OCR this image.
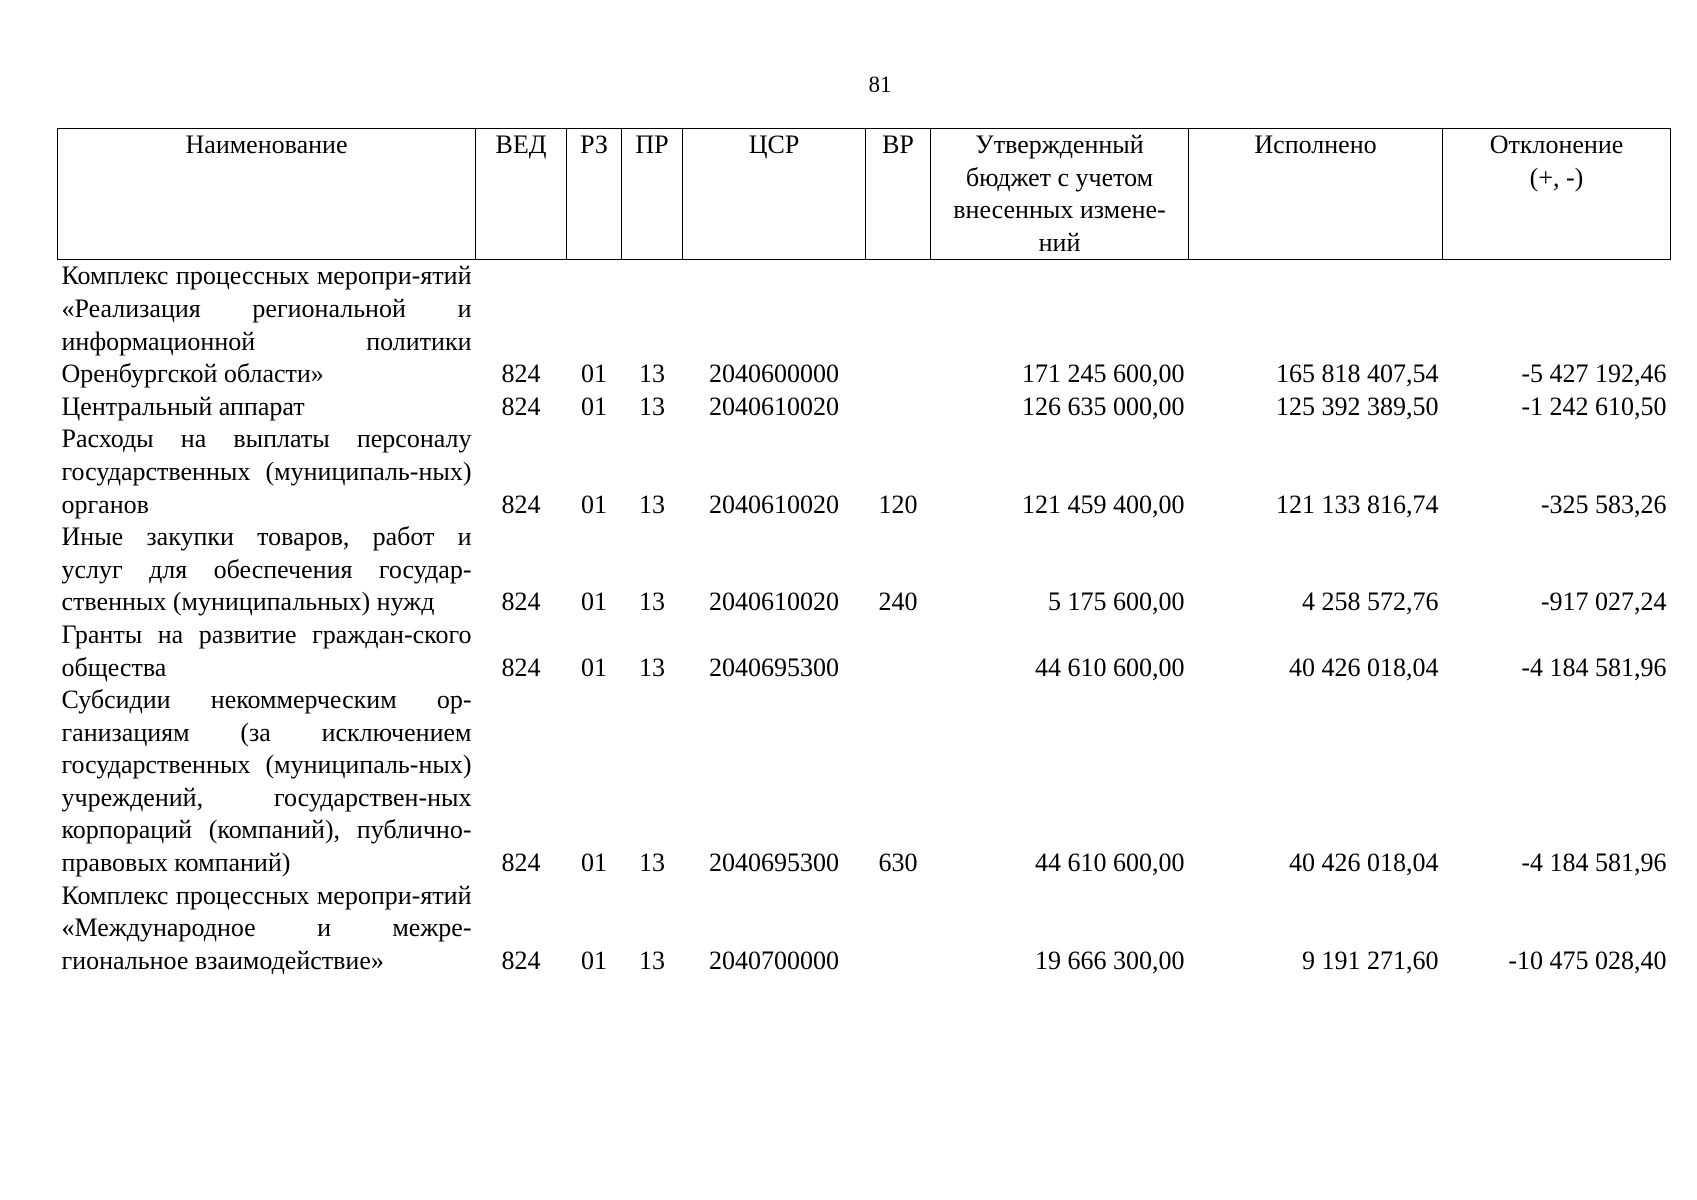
81
Наименование	ВЕД	РЗ	ПР	ЦСР	ВР	Утвержденный бюджет с учетом внесенных измене-ний	Исполнено	Отклонение (+, -)
Комплекс процессных меропри-ятий «Реализация региональной и информационной политики Оренбургской области»	824	01	13	2040600000		171 245 600,00	165 818 407,54	-5 427 192,46
Центральный аппарат	824	01	13	2040610020		126 635 000,00	125 392 389,50	-1 242 610,50
Расходы на выплаты персоналу государственных (муниципаль-ных) органов	824	01	13	2040610020	120	121 459 400,00	121 133 816,74	-325 583,26
Иные закупки товаров, работ и услуг для обеспечения государ-ственных (муниципальных) нужд	824	01	13	2040610020	240	5 175 600,00	4 258 572,76	-917 027,24
Гранты на развитие граждан-ского общества	824	01	13	2040695300		44 610 600,00	40 426 018,04	-4 184 581,96
Субсидии некоммерческим ор-ганизациям (за исключением государственных (муниципаль-ных) учреждений, государствен-ных корпораций (компаний), публично-правовых компаний)	824	01	13	2040695300	630	44 610 600,00	40 426 018,04	-4 184 581,96
Комплекс процессных меропри-ятий «Международное и межре-гиональное взаимодействие»	824	01	13	2040700000		19 666 300,00	9 191 271,60	-10 475 028,40
